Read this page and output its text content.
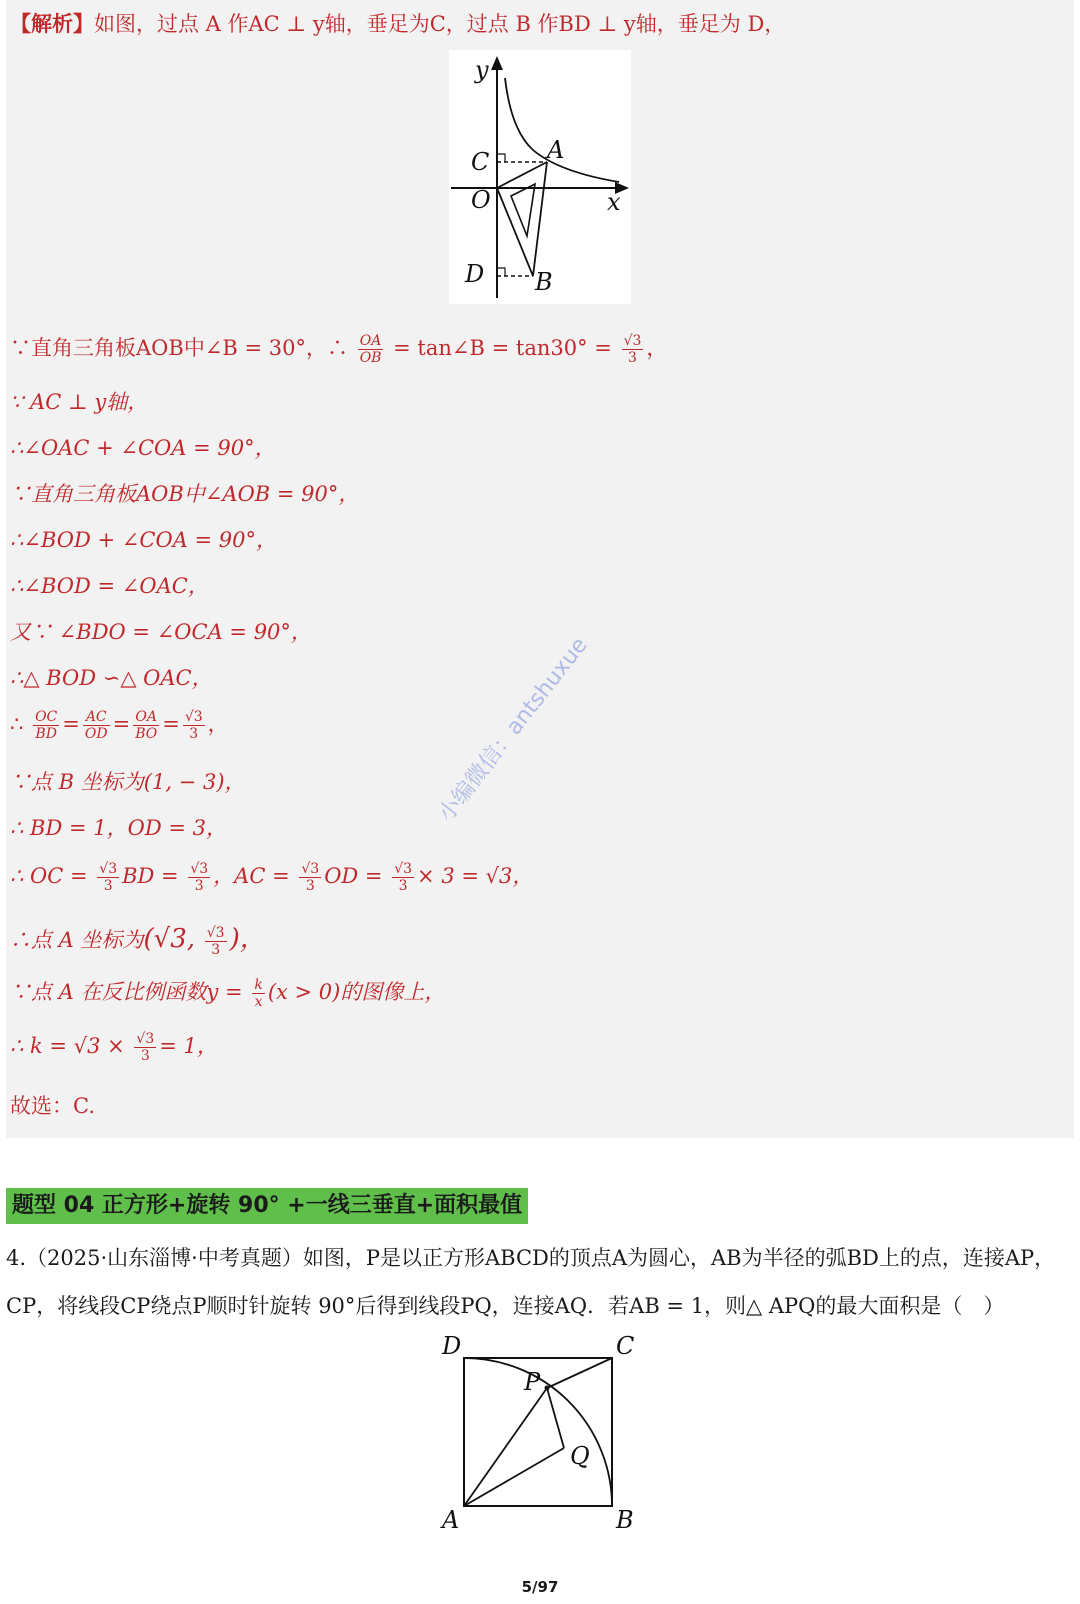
【解析】如图，过点 A 作AC ⊥ y轴，垂足为C，过点 B 作BD ⊥ y轴，垂足为 D，
y
x
O
A
B
C
D
∵直角三角板AOB中∠B = 30°，∴ $\frac{OA}{OB}$ = tan∠B = $\tan 30^\circ = \frac{√3}{3}$ ，
∵ AC ⊥ y轴，
∴∠OAC + ∠COA = 90°，
∵直角三角板AOB中∠AOB = 90°，
∴∠BOD + ∠COA = 90°，
∴∠BOD = ∠OAC，
又∵ ∠BDO = ∠OCA = 90°，
∴△ BOD ∽△ OAC，
∴ $\frac{OC}{BD} = \frac{AC}{OD} = \frac{OA}{BO} = \frac{√3}{3}$ ，
∵点 B 坐标为(1, − 3)，
∴ BD = 1，OD = 3，
∴ OC = $\frac{√3}{3}$ BD = $\frac{√3}{3}$ ，AC = $\frac{√3}{3}$ OD = $\frac{√3}{3} \times 3 = √3$，
∴点 A 坐标为(√3, $\frac{√3}{3}$ )，
∵点 A 在反比例函数$y = \frac{k}{x} (x > 0)$的图像上，
∴ $k = √3 \times \frac{√3}{3} = 1$，
故选：C.
小编微信：antshuxue
题型 04 正方形+旋转 90° +一线三垂直+面积最值
4.（2025·山东淄博·中考真题）如图，P是以正方形ABCD的顶点A为圆心，AB为半径的弧BD上的点，连接AP，
CP，将线段CP绕点P顺时针旋转 90°后得到线段PQ，连接AQ．若AB = 1，则△ APQ的最大面积是（　）
D	C
A	B
P
Q
5/97
